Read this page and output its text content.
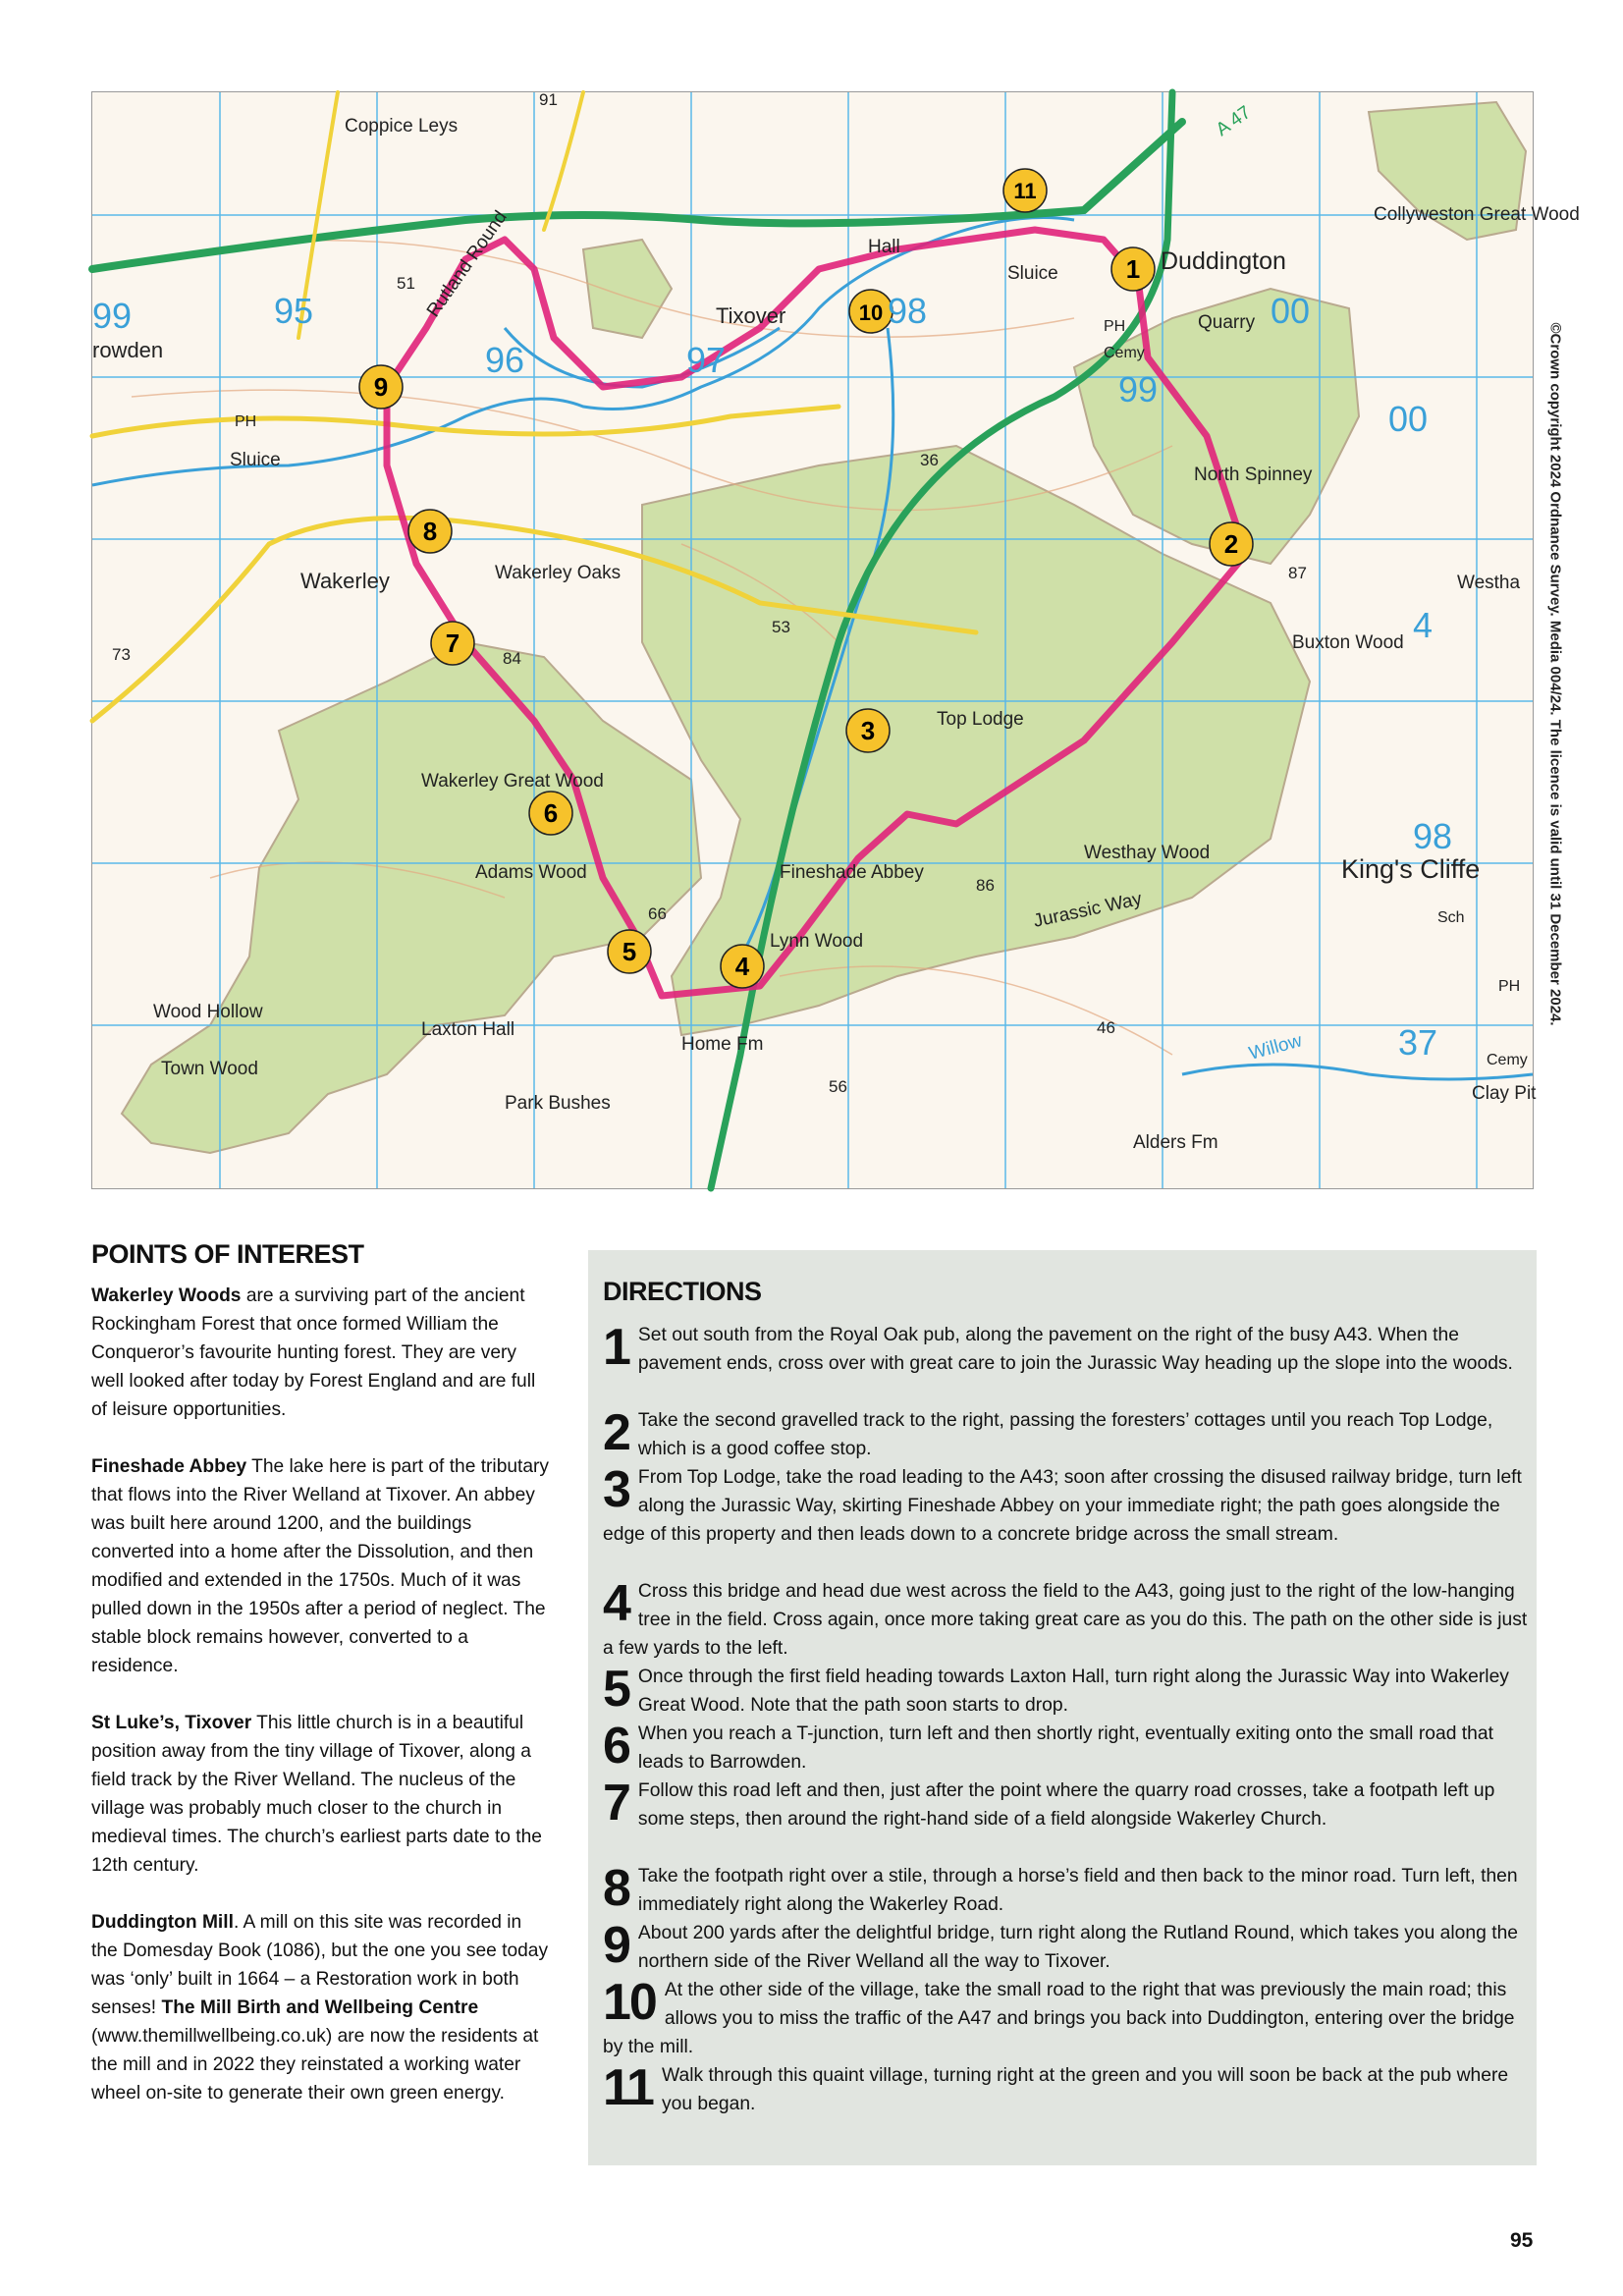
1
2
3
4
5
6
7
8
9
10
11
99	95
96	97
98
99
00
00
4
98
37
91
51
36
53
84
87
73
66
86
46
56
Coppice Leys
Hall
Sluice	Duddington
Collyweston Great Wood
Rutland Round	Tixover	Quarry
PH
Cemy
rowden
PH
Sluice
North Spinney
Westha
Wakerley	Wakerley Oaks
Buxton Wood
Top Lodge
Wakerley Great Wood
Westhay Wood
King's Cliffe
Adams Wood	Fineshade Abbey
Jurassic Way
Lynn Wood
Sch
PH
Wood Hollow
Laxton Hall
Home Fm
Town Wood	Cemy
Clay Pit
Park Bushes
Alders Fm
A 47
Willow
©Crown copyright 2024 Ordnance Survey. Media 004/24. The licence is valid until 31 December 2024.
POINTS OF INTEREST

Wakerley Woods are a surviving part of the ancient Rockingham Forest that once formed William the Conqueror’s favourite hunting forest. They are very well looked after today by Forest England and are full of leisure opportunities.

Fineshade Abbey The lake here is part of the tributary that flows into the River Welland at Tixover. An abbey was built here around 1200, and the buildings converted into a home after the Dissolution, and then modified and extended in the 1750s. Much of it was pulled down in the 1950s after a period of neglect. The stable block remains however, converted to a residence.

St Luke’s, Tixover This little church is in a beautiful position away from the tiny village of Tixover, along a field track by the River Welland. The nucleus of the village was probably much closer to the church in medieval times. The church’s earliest parts date to the 12th century.

Duddington Mill. A mill on this site was recorded in the Domesday Book (1086), but the one you see today was ‘only’ built in 1664 – a Restoration work in both senses! The Mill Birth and Wellbeing Centre (www.themillwellbeing.co.uk) are now the residents at the mill and in 2022 they reinstated a working water wheel on-site to generate their own green energy.

DIRECTIONS
1 Set out south from the Royal Oak pub, along the pavement on the right of the busy A43. When the pavement ends, cross over with great care to join the Jurassic Way heading up the slope into the woods.
2 Take the second gravelled track to the right, passing the foresters’ cottages until you reach Top Lodge, which is a good coffee stop.
3 From Top Lodge, take the road leading to the A43; soon after crossing the disused railway bridge, turn left along the Jurassic Way, skirting Fineshade Abbey on your immediate right; the path goes alongside the edge of this property and then leads down to a concrete bridge across the small stream.
4 Cross this bridge and head due west across the field to the A43, going just to the right of the low-hanging tree in the field. Cross again, once more taking great care as you do this. The path on the other side is just a few yards to the left.
5 Once through the first field heading towards Laxton Hall, turn right along the Jurassic Way into Wakerley Great Wood. Note that the path soon starts to drop.
6 When you reach a T-junction, turn left and then shortly right, eventually exiting onto the small road that leads to Barrowden.
7 Follow this road left and then, just after the point where the quarry road crosses, take a footpath left up some steps, then around the right-hand side of a field alongside Wakerley Church.
8 Take the footpath right over a stile, through a horse’s field and then back to the minor road. Turn left, then immediately right along the Wakerley Road.
9 About 200 yards after the delightful bridge, turn right along the Rutland Round, which takes you along the northern side of the River Welland all the way to Tixover.
10 At the other side of the village, take the small road to the right that was previously the main road; this allows you to miss the traffic of the A47 and brings you back into Duddington, entering over the bridge by the mill.
11 Walk through this quaint village, turning right at the green and you will soon be back at the pub where you began.
95
